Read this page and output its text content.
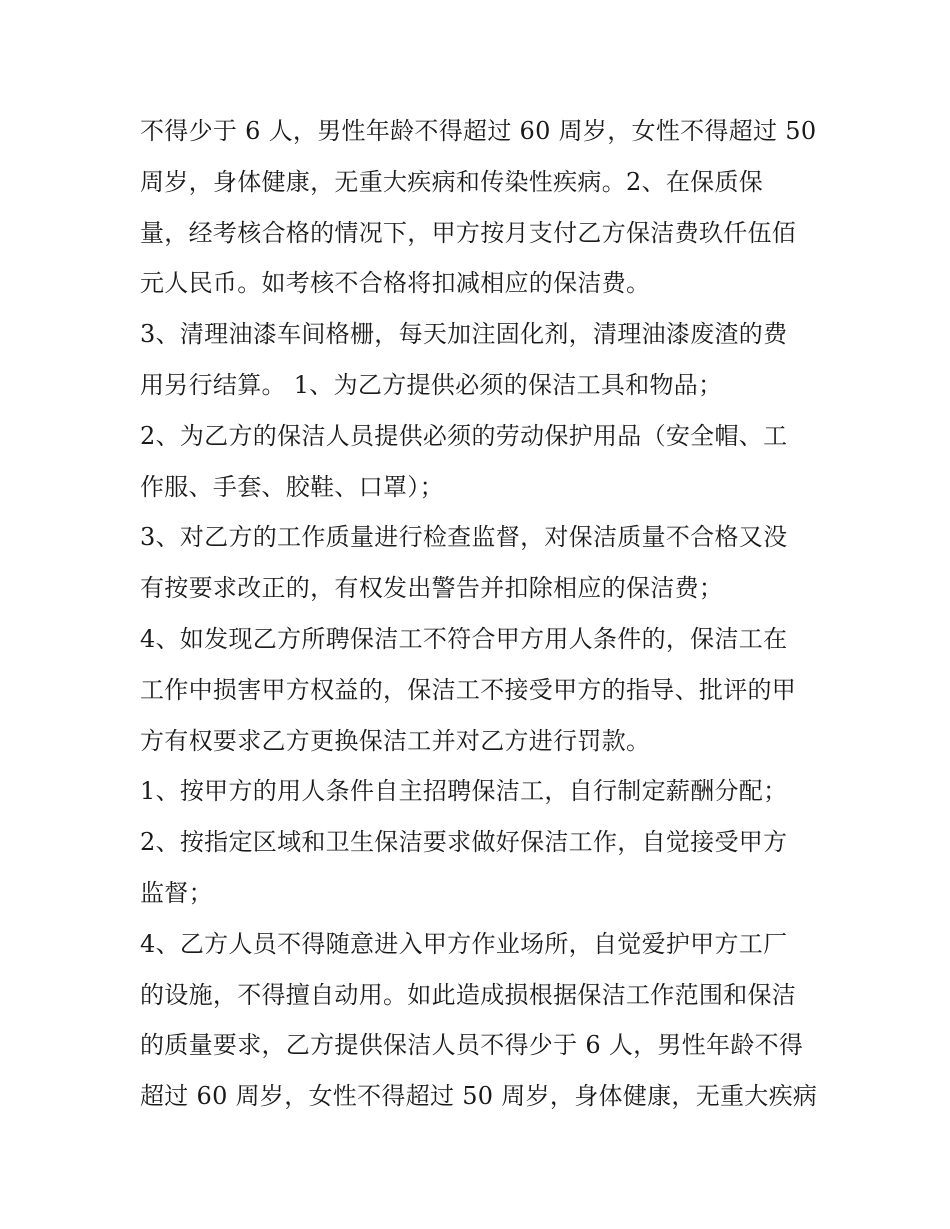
不得少于 6 人，男性年龄不得超过 60 周岁，女性不得超过 50
周岁，身体健康，无重大疾病和传染性疾病。2、在保质保
量，经考核合格的情况下，甲方按月支付乙方保洁费玖仟伍佰
元人民币。如考核不合格将扣减相应的保洁费。
3、清理油漆车间格栅，每天加注固化剂，清理油漆废渣的费
用另行结算。 1、为乙方提供必须的保洁工具和物品；
2、为乙方的保洁人员提供必须的劳动保护用品（安全帽、工
作服、手套、胶鞋、口罩）；
3、对乙方的工作质量进行检查监督，对保洁质量不合格又没
有按要求改正的，有权发出警告并扣除相应的保洁费；
4、如发现乙方所聘保洁工不符合甲方用人条件的，保洁工在
工作中损害甲方权益的，保洁工不接受甲方的指导、批评的甲
方有权要求乙方更换保洁工并对乙方进行罚款。
1、按甲方的用人条件自主招聘保洁工，自行制定薪酬分配；
2、按指定区域和卫生保洁要求做好保洁工作，自觉接受甲方
监督；
4、乙方人员不得随意进入甲方作业场所，自觉爱护甲方工厂
的设施，不得擅自动用。如此造成损根据保洁工作范围和保洁
的质量要求，乙方提供保洁人员不得少于 6 人，男性年龄不得
超过 60 周岁，女性不得超过 50 周岁，身体健康，无重大疾病
